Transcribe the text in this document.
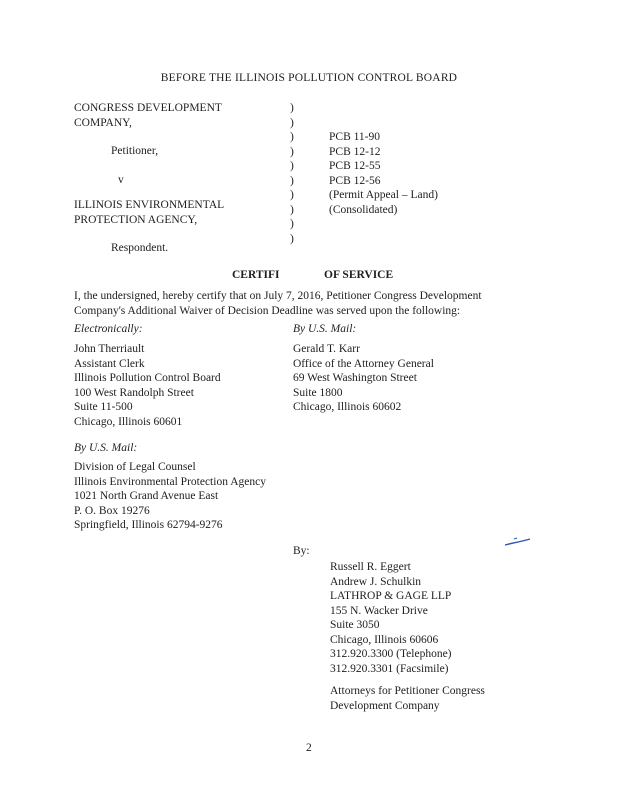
BEFORE THE ILLINOIS POLLUTION CONTROL BOARD
CONGRESS DEVELOPMENT
COMPANY,
Petitioner,
v
ILLINOIS ENVIRONMENTAL
PROTECTION AGENCY,
Respondent.
)
)
)
)
)
)
)
)
)
)
PCB 11-90
PCB 12-12
PCB 12-55
PCB 12-56
(Permit Appeal – Land)
(Consolidated)
CERTIFI	OF SERVICE
I, the undersigned, hereby certify that on July 7, 2016, Petitioner Congress Development
Company's Additional Waiver of Decision Deadline was served upon the following:
Electronically:
John Therriault
Assistant Clerk
Illinois Pollution Control Board
100 West Randolph Street
Suite 11-500
Chicago, Illinois 60601
By U.S. Mail:
Gerald T. Karr
Office of the Attorney General
69 West Washington Street
Suite 1800
Chicago, Illinois 60602
By U.S. Mail:
Division of Legal Counsel
Illinois Environmental Protection Agency
1021 North Grand Avenue East
P. O. Box 19276
Springfield, Illinois 62794-9276
By:
Russell R. Eggert
Andrew J. Schulkin
LATHROP & GAGE LLP
155 N. Wacker Drive
Suite 3050
Chicago, Illinois 60606
312.920.3300 (Telephone)
312.920.3301 (Facsimile)
Attorneys for Petitioner Congress
Development Company
2
